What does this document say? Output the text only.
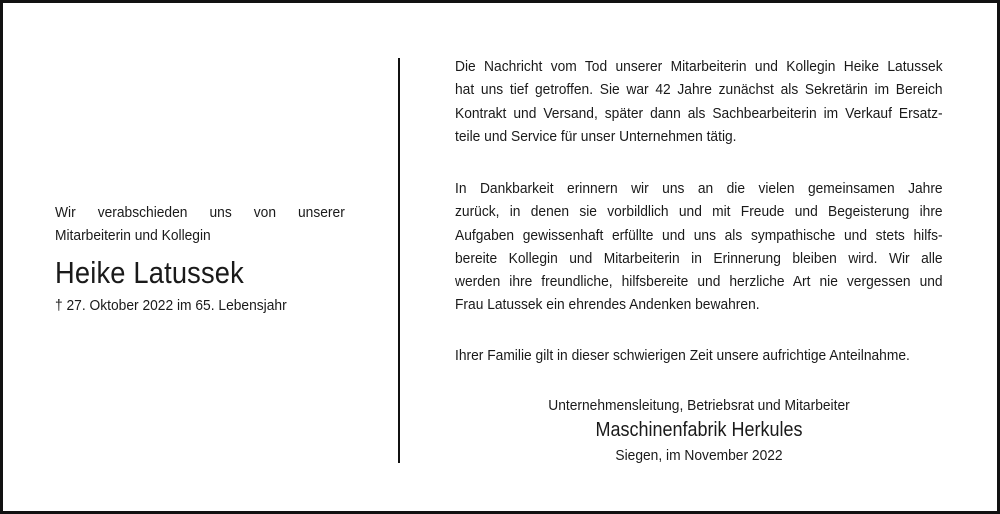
Wir verabschieden uns von unserer
Mitarbeiterin und Kollegin

Heike Latussek
† 27. Oktober 2022 im 65. Lebensjahr

Die Nachricht vom Tod unserer Mitarbeiterin und Kollegin Heike Latussek
hat uns tief getroffen. Sie war 42 Jahre zunächst als Sekretärin im Bereich
Kontrakt und Versand, später dann als Sachbearbeiterin im Verkauf Ersatz-
teile und Service für unser Unternehmen tätig.

In Dankbarkeit erinnern wir uns an die vielen gemeinsamen Jahre
zurück, in denen sie vorbildlich und mit Freude und Begeisterung ihre
Aufgaben gewissenhaft erfüllte und uns als sympathische und stets hilfs-
bereite Kollegin und Mitarbeiterin in Erinnerung bleiben wird. Wir alle
werden ihre freundliche, hilfsbereite und herzliche Art nie vergessen und
Frau Latussek ein ehrendes Andenken bewahren.

Ihrer Familie gilt in dieser schwierigen Zeit unsere aufrichtige Anteilnahme.

Unternehmensleitung, Betriebsrat und Mitarbeiter
Maschinenfabrik Herkules
Siegen, im November 2022
